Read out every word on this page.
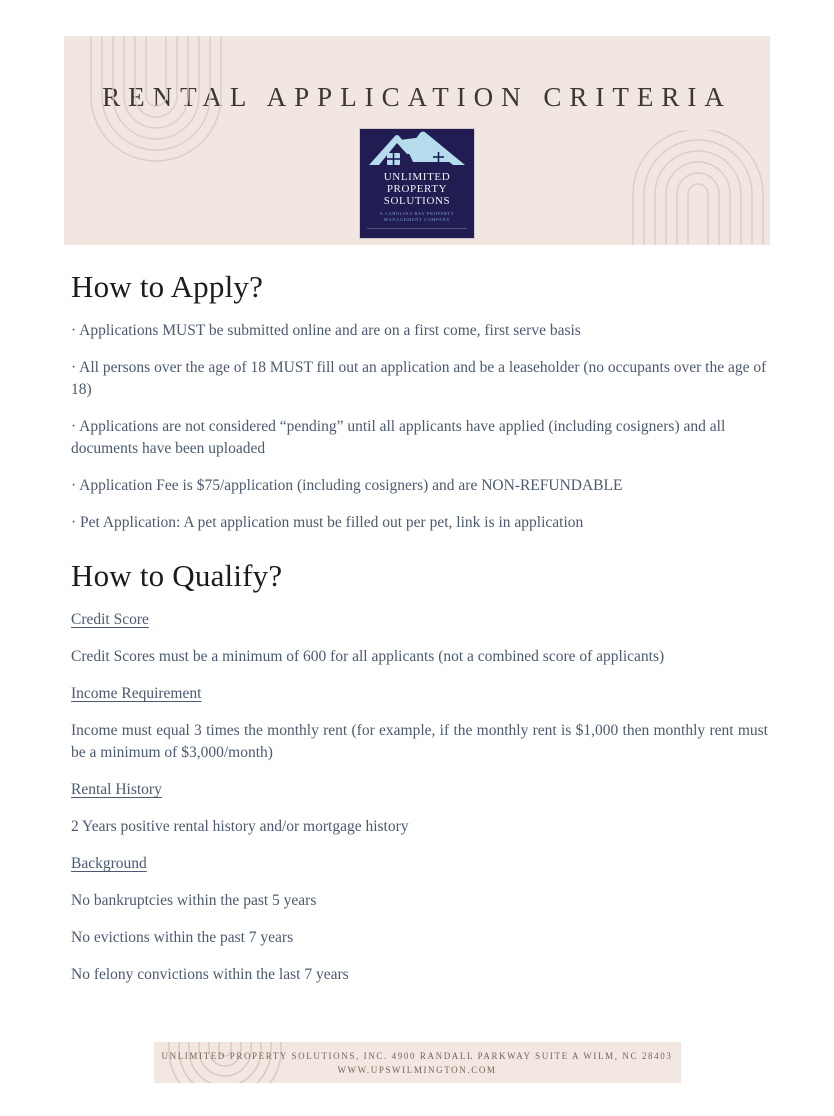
RENTAL APPLICATION CRITERIA
UNLIMITED
PROPERTY
SOLUTIONS
A CAROLINA BAY PROPERTY
MANAGEMENT COMPANY
How to Apply?

· Applications MUST be submitted online and are on a first come, first serve basis

· All persons over the age of 18 MUST fill out an application and be a leaseholder (no occupants over the age of 18)

· Applications are not considered “pending” until all applicants have applied (including cosigners) and all documents have been uploaded

· Application Fee is $75/application (including cosigners) and are NON-REFUNDABLE

· Pet Application: A pet application must be filled out per pet, link is in application

How to Qualify?

Credit Score

Credit Scores must be a minimum of 600 for all applicants (not a combined score of applicants)

Income Requirement

Income must equal 3 times the monthly rent (for example, if the monthly rent is $1,000 then monthly rent must be a minimum of $3,000/month)

Rental History

2 Years positive rental history and/or mortgage history

Background

No bankruptcies within the past 5 years

No evictions within the past 7 years

No felony convictions within the last 7 years

UNLIMITED PROPERTY SOLUTIONS, INC. 4900 RANDALL PARKWAY SUITE A WILM, NC 28403
WWW.UPSWILMINGTON.COM
